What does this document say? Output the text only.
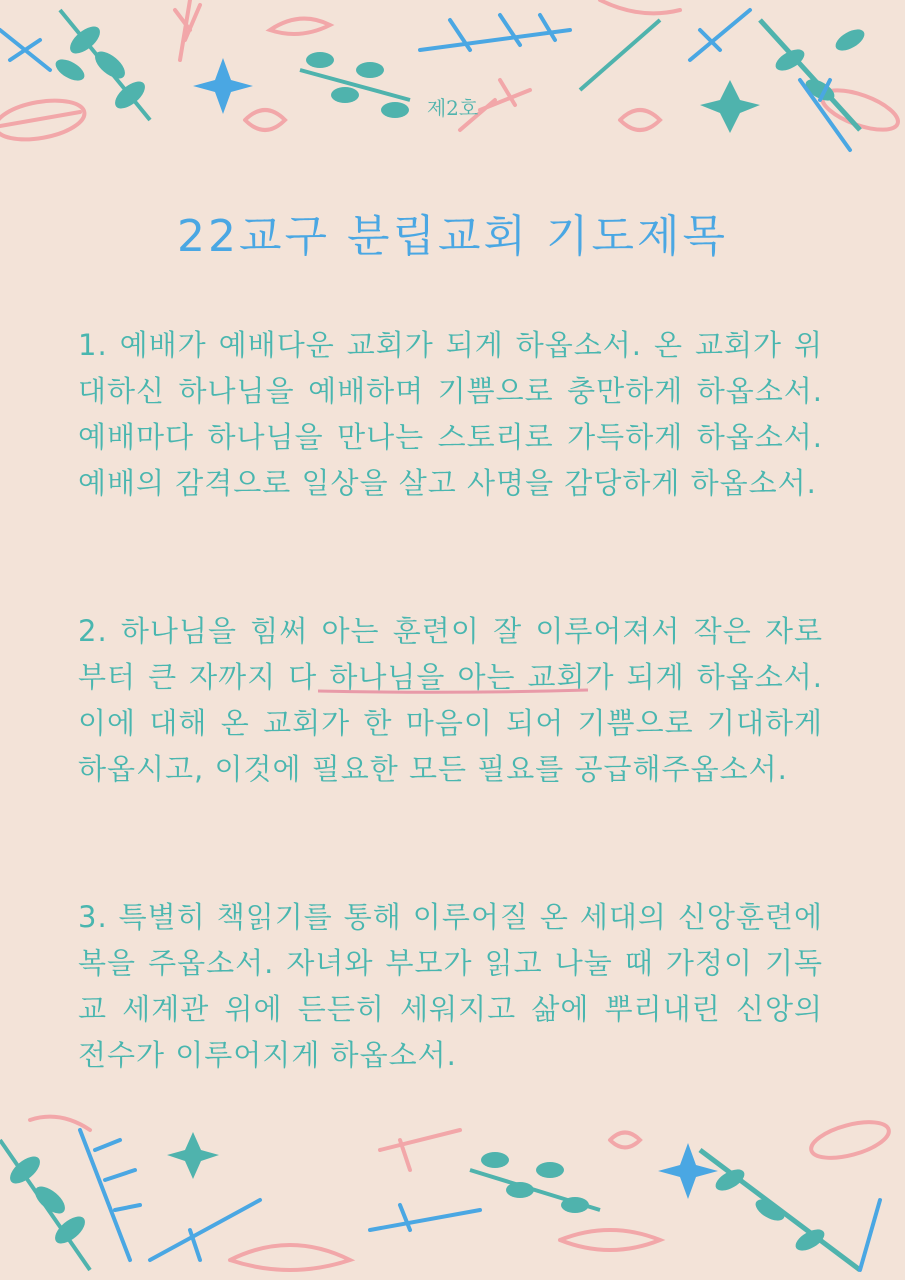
제2호
22교구 분립교회 기도제목
1. 예배가 예배다운 교회가 되게 하옵소서. 온 교회가 위대하신 하나님을 예배하며 기쁨으로 충만하게 하옵소서. 예배마다 하나님을 만나는 스토리로 가득하게 하옵소서. 예배의 감격으로 일상을 살고 사명을 감당하게 하옵소서.
2. 하나님을 힘써 아는 훈련이 잘 이루어져서 작은 자로부터 큰 자까지 다 하나님을 아는 교회가 되게 하옵소서. 이에 대해 온 교회가 한 마음이 되어 기쁨으로 기대하게 하옵시고, 이것에 필요한 모든 필요를 공급해주옵소서.
3. 특별히 책읽기를 통해 이루어질 온 세대의 신앙훈련에 복을 주옵소서. 자녀와 부모가 읽고 나눌 때 가정이 기독교 세계관 위에 든든히 세워지고 삶에 뿌리내린 신앙의 전수가 이루어지게 하옵소서.
